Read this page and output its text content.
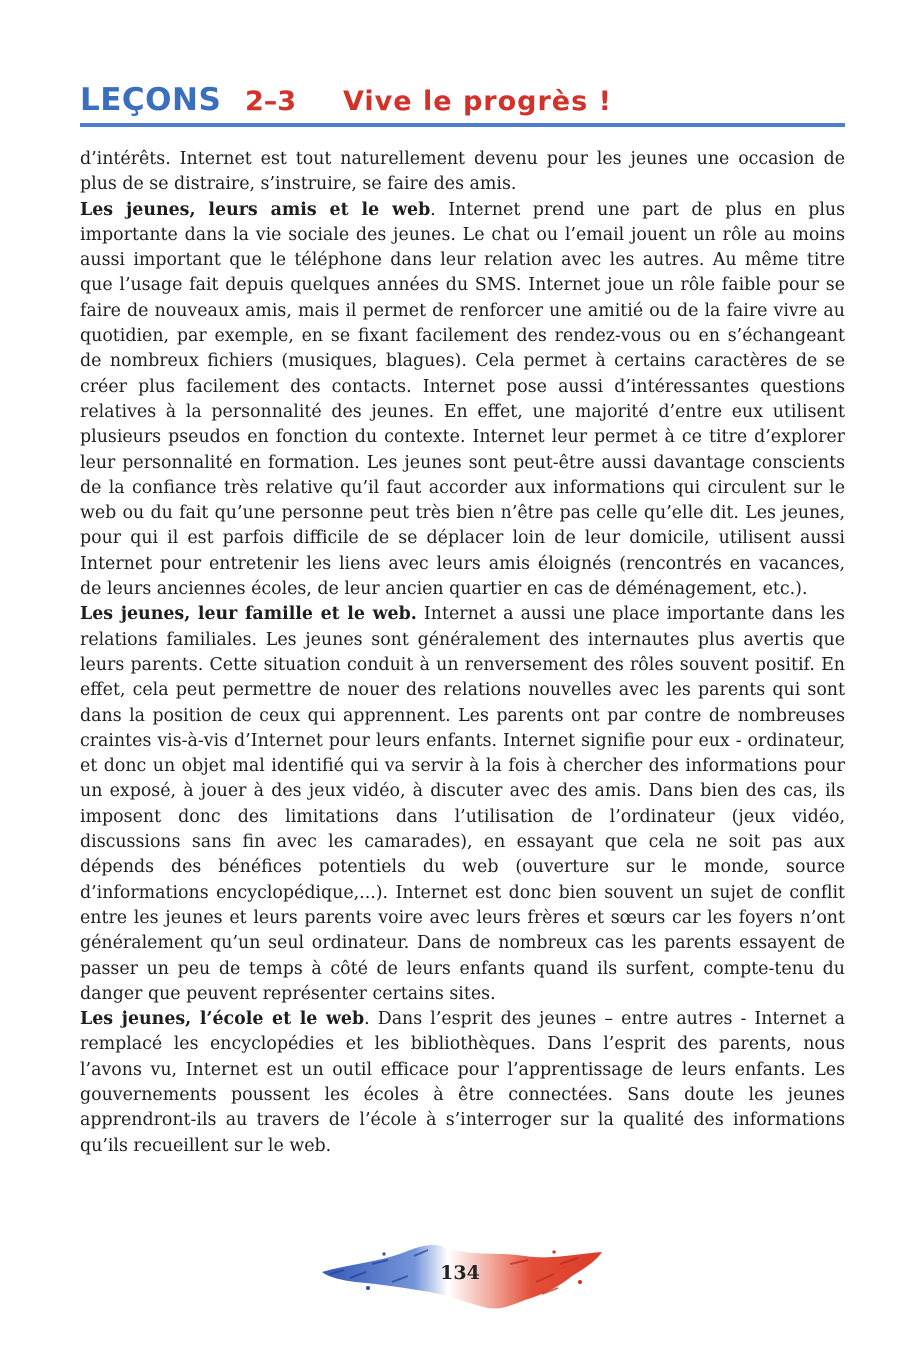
LEÇONS 2–3 Vive le progrès !

d’intérêts. Internet est tout naturellement devenu pour les jeunes une occasion de plus de se distraire, s’instruire, se faire des amis.

Les jeunes, leurs amis et le web. Internet prend une part de plus en plus importante dans la vie sociale des jeunes. Le chat ou l’email jouent un rôle au moins aussi important que le téléphone dans leur relation avec les autres. Au même titre que l’usage fait depuis quelques années du SMS. Internet joue un rôle faible pour se faire de nouveaux amis, mais il permet de renforcer une amitié ou de la faire vivre au quotidien, par exemple, en se fixant facilement des rendez-vous ou en s’échangeant de nombreux fichiers (musiques, blagues). Cela permet à certains caractères de se créer plus facilement des contacts. Internet pose aussi d’intéressantes questions relatives à la personnalité des jeunes. En effet, une majorité d’entre eux utilisent plusieurs pseudos en fonction du contexte. Internet leur permet à ce titre d’explorer leur personnalité en formation. Les jeunes sont peut-être aussi davantage conscients de la confiance très relative qu’il faut accorder aux informations qui circulent sur le web ou du fait qu’une personne peut très bien n’être pas celle qu’elle dit. Les jeunes, pour qui il est parfois difficile de se déplacer loin de leur domicile, utilisent aussi Internet pour entretenir les liens avec leurs amis éloignés (rencontrés en vacances, de leurs anciennes écoles, de leur ancien quartier en cas de déménagement, etc.).

Les jeunes, leur famille et le web. Internet a aussi une place importante dans les relations familiales. Les jeunes sont généralement des internautes plus avertis que leurs parents. Cette situation conduit à un renversement des rôles souvent positif. En effet, cela peut permettre de nouer des relations nouvelles avec les parents qui sont dans la position de ceux qui apprennent. Les parents ont par contre de nombreuses craintes vis-à-vis d’Internet pour leurs enfants. Internet signifie pour eux - ordinateur, et donc un objet mal identifié qui va servir à la fois à chercher des informations pour un exposé, à jouer à des jeux vidéo, à discuter avec des amis. Dans bien des cas, ils imposent donc des limitations dans l’utilisation de l’ordinateur (jeux vidéo, discussions sans fin avec les camarades), en essayant que cela ne soit pas aux dépends des bénéfices potentiels du web (ouverture sur le monde, source d’informations encyclopédique,...). Internet est donc bien souvent un sujet de conflit entre les jeunes et leurs parents voire avec leurs frères et sœurs car les foyers n’ont généralement qu’un seul ordinateur. Dans de nombreux cas les parents essayent de passer un peu de temps à côté de leurs enfants quand ils surfent, compte-tenu du danger que peuvent représenter certains sites.

Les jeunes, l’école et le web. Dans l’esprit des jeunes – entre autres - Internet a remplacé les encyclopédies et les bibliothèques. Dans l’esprit des parents, nous l’avons vu, Internet est un outil efficace pour l’apprentissage de leurs enfants. Les gouvernements poussent les écoles à être connectées. Sans doute les jeunes apprendront-ils au travers de l’école à s’interroger sur la qualité des informations qu’ils recueillent sur le web.

134
